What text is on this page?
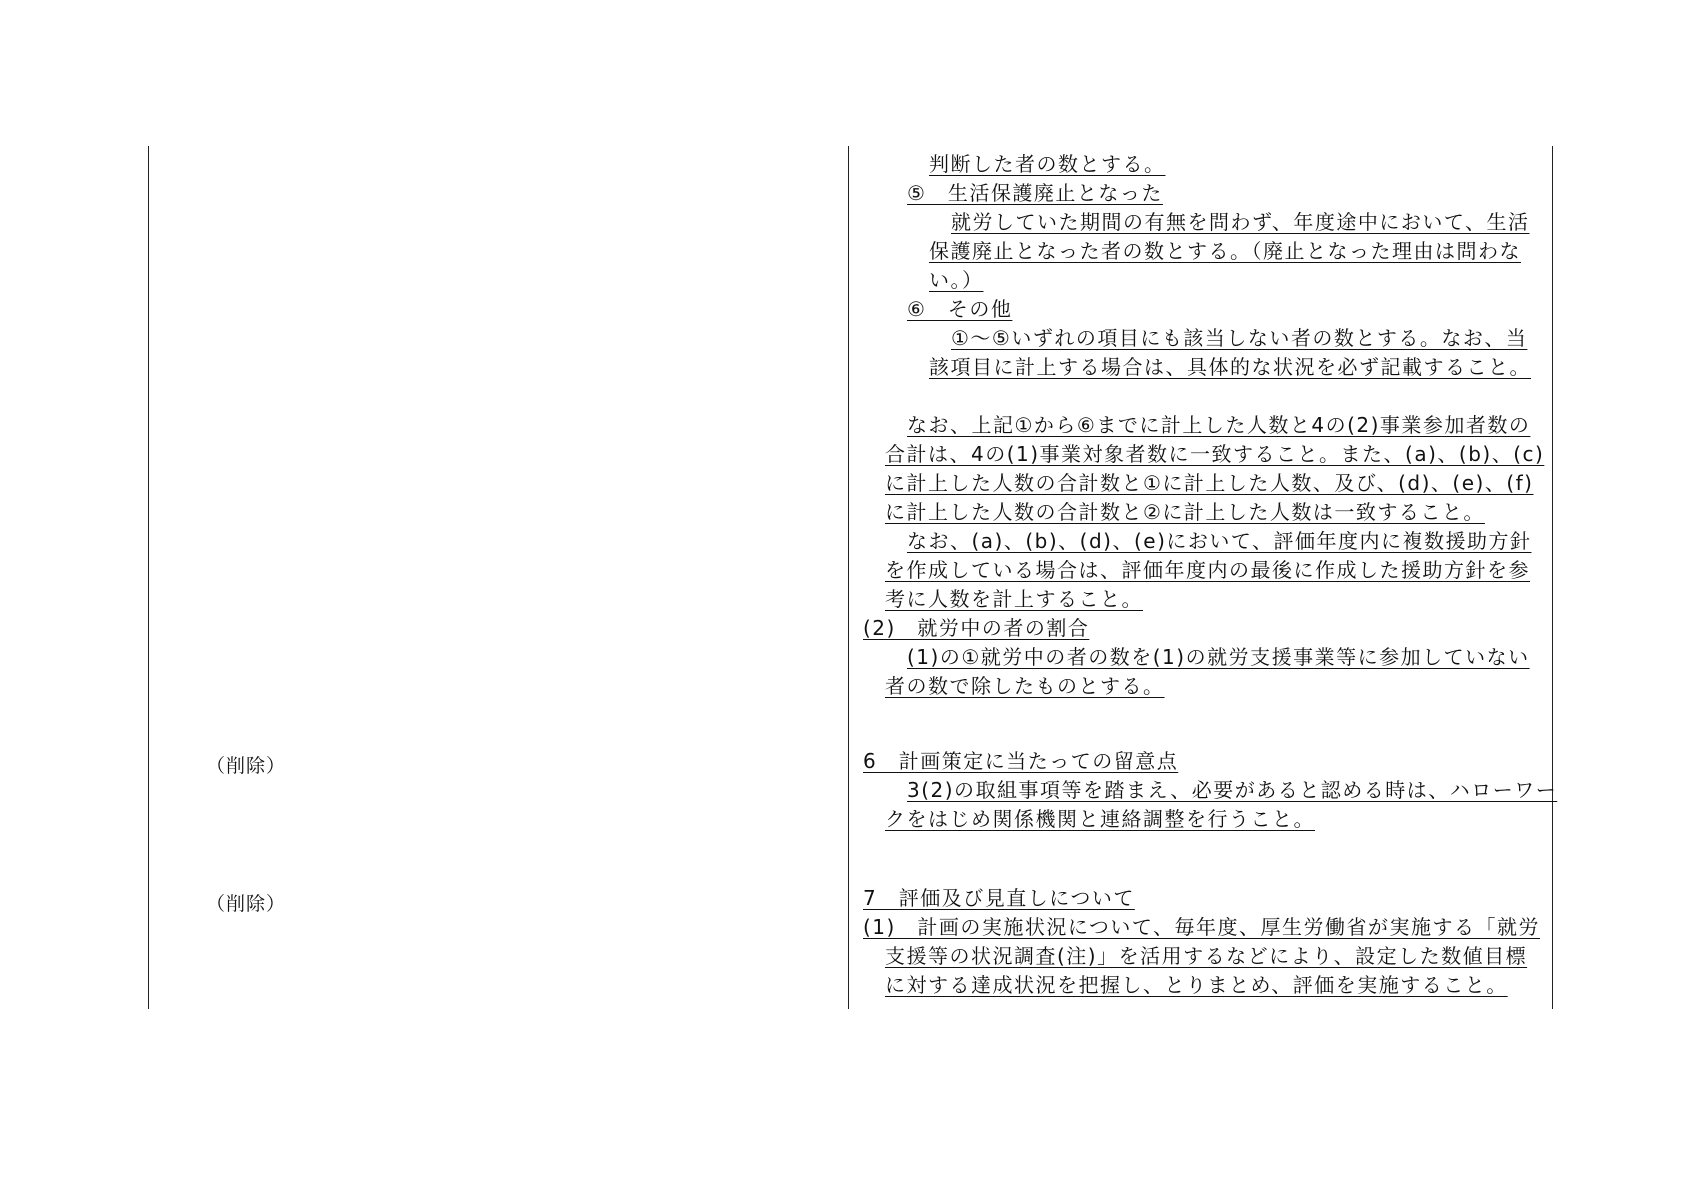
（削除）
（削除）
判断した者の数とする。
⑤　生活保護廃止となった
就労していた期間の有無を問わず、年度途中において、生活
保護廃止となった者の数とする。（廃止となった理由は問わな
い。）
⑥　その他
①～⑤いずれの項目にも該当しない者の数とする。なお、当
該項目に計上する場合は、具体的な状況を必ず記載すること。
なお、上記①から⑥までに計上した人数と4の(2)事業参加者数の
合計は、4の(1)事業対象者数に一致すること。また、(a)、(b)、(c)
に計上した人数の合計数と①に計上した人数、及び、(d)、(e)、(f)
に計上した人数の合計数と②に計上した人数は一致すること。
なお、(a)、(b)、(d)、(e)において、評価年度内に複数援助方針
を作成している場合は、評価年度内の最後に作成した援助方針を参
考に人数を計上すること。
(2)　就労中の者の割合
(1)の①就労中の者の数を(1)の就労支援事業等に参加していない
者の数で除したものとする。
6　計画策定に当たっての留意点
3(2)の取組事項等を踏まえ、必要があると認める時は、ハローワー
クをはじめ関係機関と連絡調整を行うこと。
7　評価及び見直しについて
(1)　計画の実施状況について、毎年度、厚生労働省が実施する「就労
支援等の状況調査(注)」を活用するなどにより、設定した数値目標
に対する達成状況を把握し、とりまとめ、評価を実施すること。
